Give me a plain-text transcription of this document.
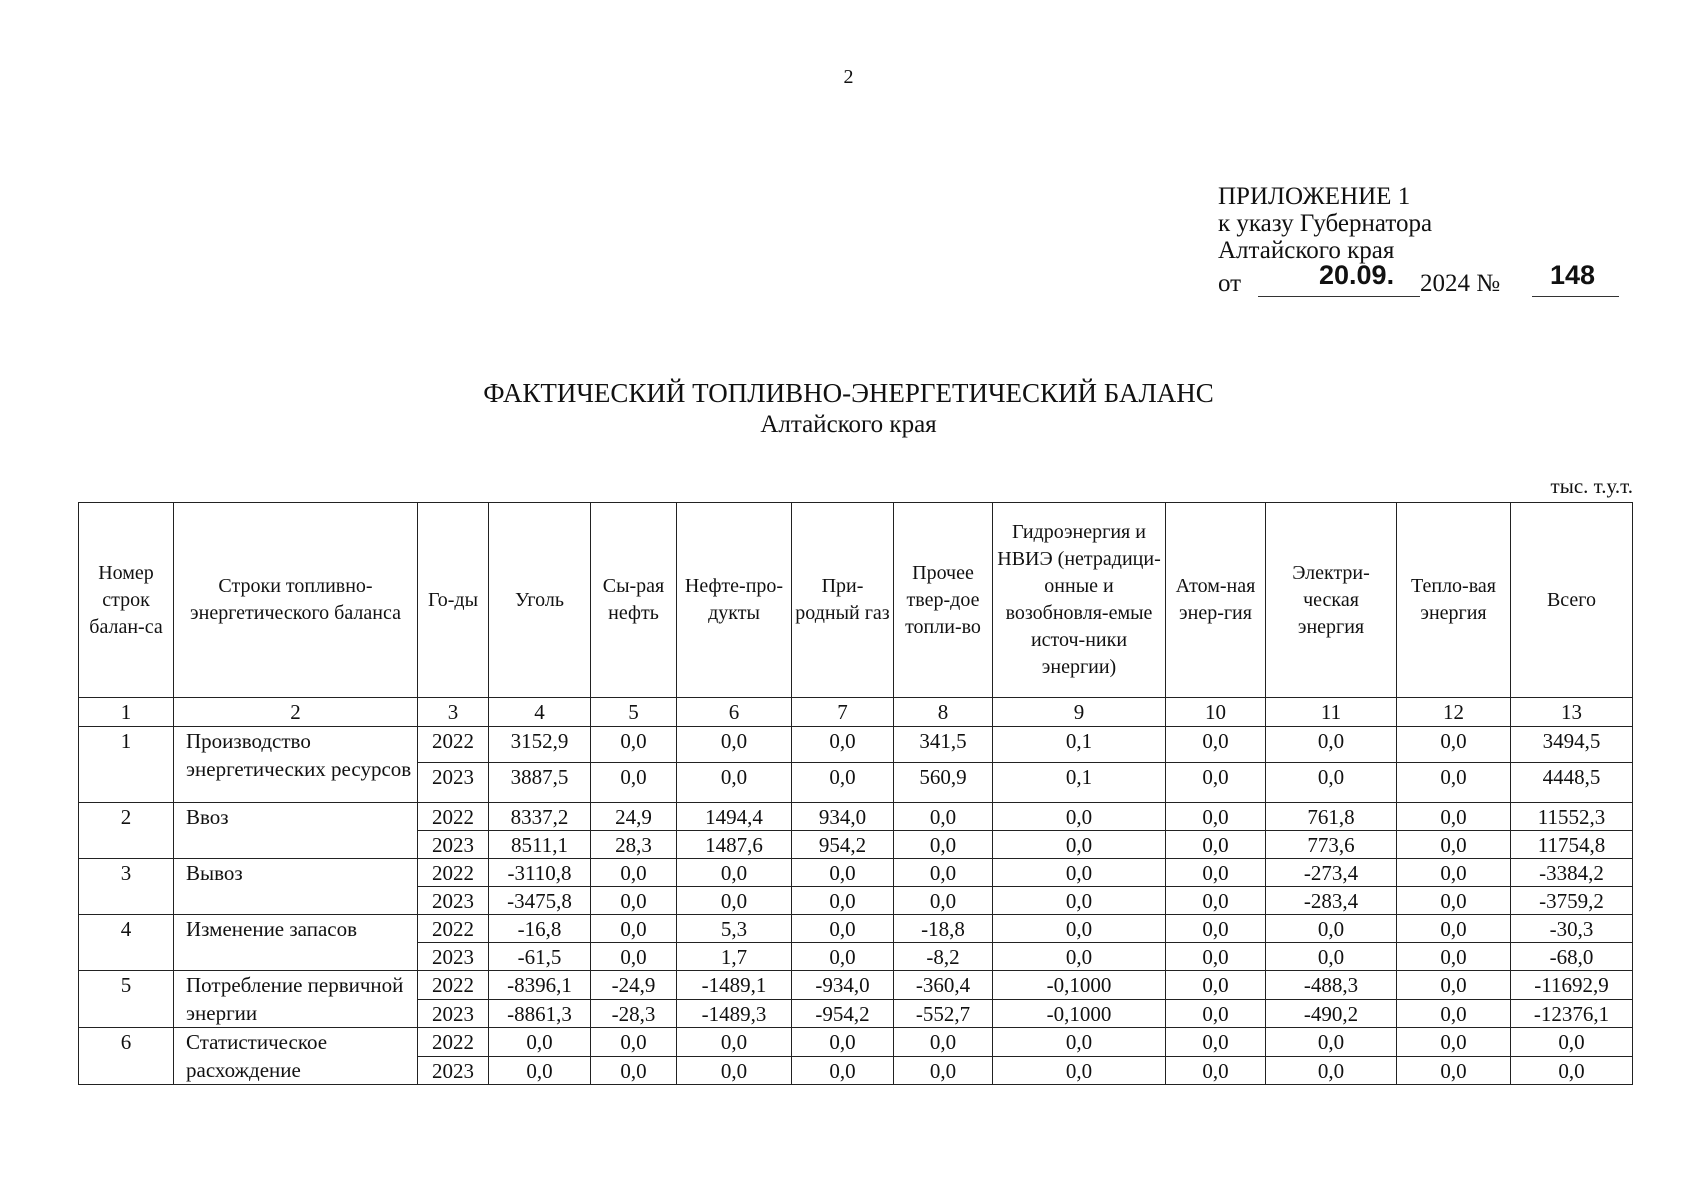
2
ПРИЛОЖЕНИЕ 1
к указу Губернатора
Алтайского края
от	20.09. 2024 № 148
ФАКТИЧЕСКИЙ ТОПЛИВНО-ЭНЕРГЕТИЧЕСКИЙ БАЛАНС
Алтайского края
тыс. т.у.т.
Номер строк балан-са	Строки топливно-энергетического баланса	Го-ды	Уголь	Сы-рая нефть	Нефте-про-дукты	При-родный газ	Прочее твер-дое топли-во	Гидроэнергия и НВИЭ (нетрадици-онные и возобновля-емые источ-ники энергии)	Атом-ная энер-гия	Электри-ческая энергия	Тепло-вая энергия	Всего
1	2	3	4	5	6	7	8	9	10	11	12	13
1	Производство энергетических ресурсов	2022	3152,9	0,0	0,0	0,0	341,5	0,1	0,0	0,0	0,0	3494,5
		2023	3887,5	0,0	0,0	0,0	560,9	0,1	0,0	0,0	0,0	4448,5
2	Ввоз	2022	8337,2	24,9	1494,4	934,0	0,0	0,0	0,0	761,8	0,0	11552,3
		2023	8511,1	28,3	1487,6	954,2	0,0	0,0	0,0	773,6	0,0	11754,8
3	Вывоз	2022	-3110,8	0,0	0,0	0,0	0,0	0,0	0,0	-273,4	0,0	-3384,2
		2023	-3475,8	0,0	0,0	0,0	0,0	0,0	0,0	-283,4	0,0	-3759,2
4	Изменение запасов	2022	-16,8	0,0	5,3	0,0	-18,8	0,0	0,0	0,0	0,0	-30,3
		2023	-61,5	0,0	1,7	0,0	-8,2	0,0	0,0	0,0	0,0	-68,0
5	Потребление первичной энергии	2022	-8396,1	-24,9	-1489,1	-934,0	-360,4	-0,1000	0,0	-488,3	0,0	-11692,9
		2023	-8861,3	-28,3	-1489,3	-954,2	-552,7	-0,1000	0,0	-490,2	0,0	-12376,1
6	Статистическое расхождение	2022	0,0	0,0	0,0	0,0	0,0	0,0	0,0	0,0	0,0	0,0
		2023	0,0	0,0	0,0	0,0	0,0	0,0	0,0	0,0	0,0	0,0
